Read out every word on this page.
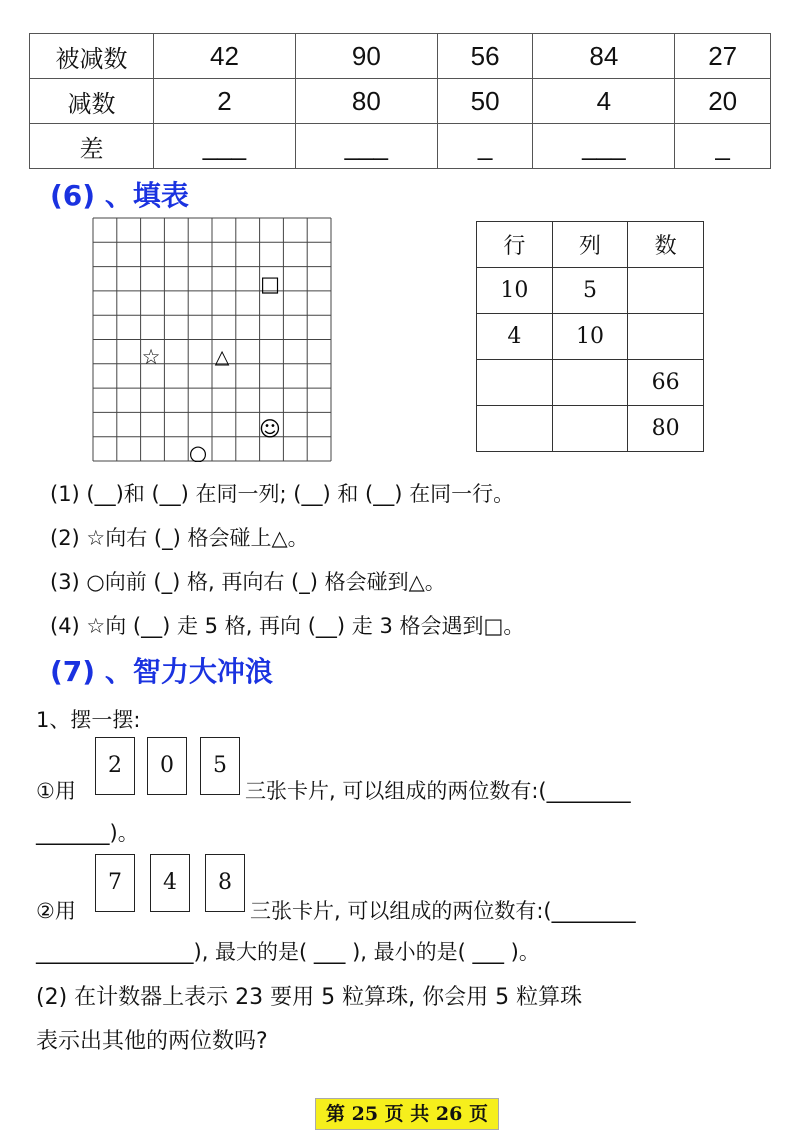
被减数	42	90	56	84	27
减数	2	80	50	4	20
差	___	___	_	___	_
(6) 、填表
□
☆	△
☺
○
行	列	数
10	5	
4	10	
		66
		80
(1) (__)和 (__) 在同一列; (__) 和 (__) 在同一行。
(2) ☆向右 (_) 格会碰上△。
(3) ○向前 (_) 格, 再向右 (_) 格会碰到△。
(4) ☆向 (__) 走 5 格, 再向 (__) 走 3 格会遇到□。
(7) 、智力大冲浪
1、摆一摆:
①用
2	0	5
三张卡片, 可以组成的两位数有:(________
_______)。
②用
7	4	8
三张卡片, 可以组成的两位数有:(________
_______________), 最大的是( ___ ), 最小的是( ___ )。
(2) 在计数器上表示 23 要用 5 粒算珠, 你会用 5 粒算珠
表示出其他的两位数吗?
第 25 页 共 26 页
